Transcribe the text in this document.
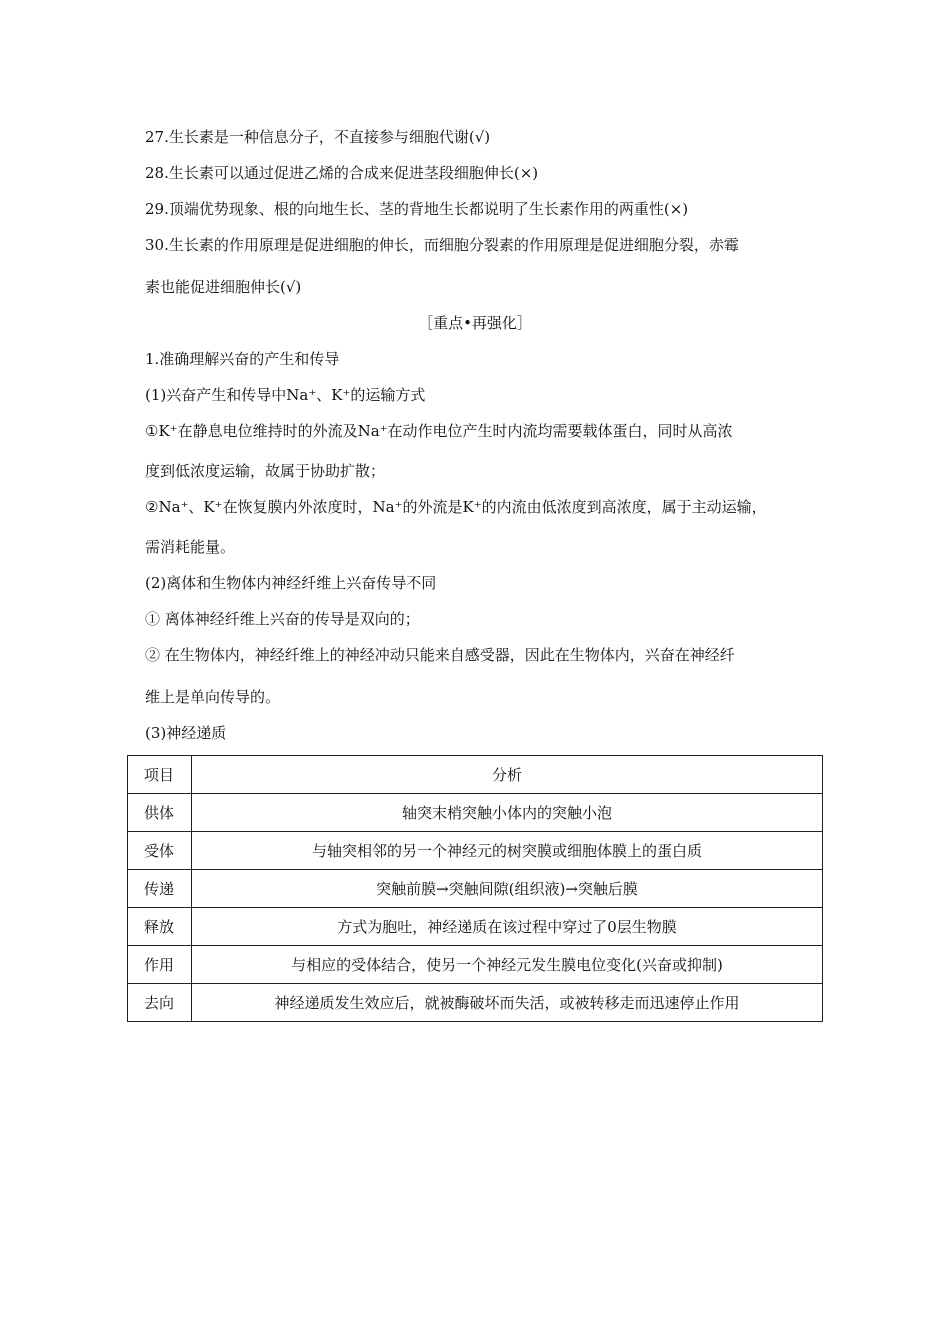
27.生长素是一种信息分子，不直接参与细胞代谢(√)
28.生长素可以通过促进乙烯的合成来促进茎段细胞伸长(×)
29.顶端优势现象、根的向地生长、茎的背地生长都说明了生长素作用的两重性(×)
30.生长素的作用原理是促进细胞的伸长，而细胞分裂素的作用原理是促进细胞分裂，赤霉
素也能促进细胞伸长(√)
［重点•再强化］
1.准确理解兴奋的产生和传导
(1)兴奋产生和传导中Na⁺、K⁺的运输方式
①K⁺在静息电位维持时的外流及Na⁺在动作电位产生时内流均需要载体蛋白，同时从高浓
度到低浓度运输，故属于协助扩散；
②Na⁺、K⁺在恢复膜内外浓度时，Na⁺的外流是K⁺的内流由低浓度到高浓度，属于主动运输，
需消耗能量。
(2)离体和生物体内神经纤维上兴奋传导不同
① 离体神经纤维上兴奋的传导是双向的；
② 在生物体内，神经纤维上的神经冲动只能来自感受器，因此在生物体内，兴奋在神经纤
维上是单向传导的。
(3)神经递质
项目	分析
供体	轴突末梢突触小体内的突触小泡
受体	与轴突相邻的另一个神经元的树突膜或细胞体膜上的蛋白质
传递	突触前膜→突触间隙(组织液)→突触后膜
释放	方式为胞吐，神经递质在该过程中穿过了0层生物膜
作用	与相应的受体结合，使另一个神经元发生膜电位变化(兴奋或抑制)
去向	神经递质发生效应后，就被酶破坏而失活，或被转移走而迅速停止作用
